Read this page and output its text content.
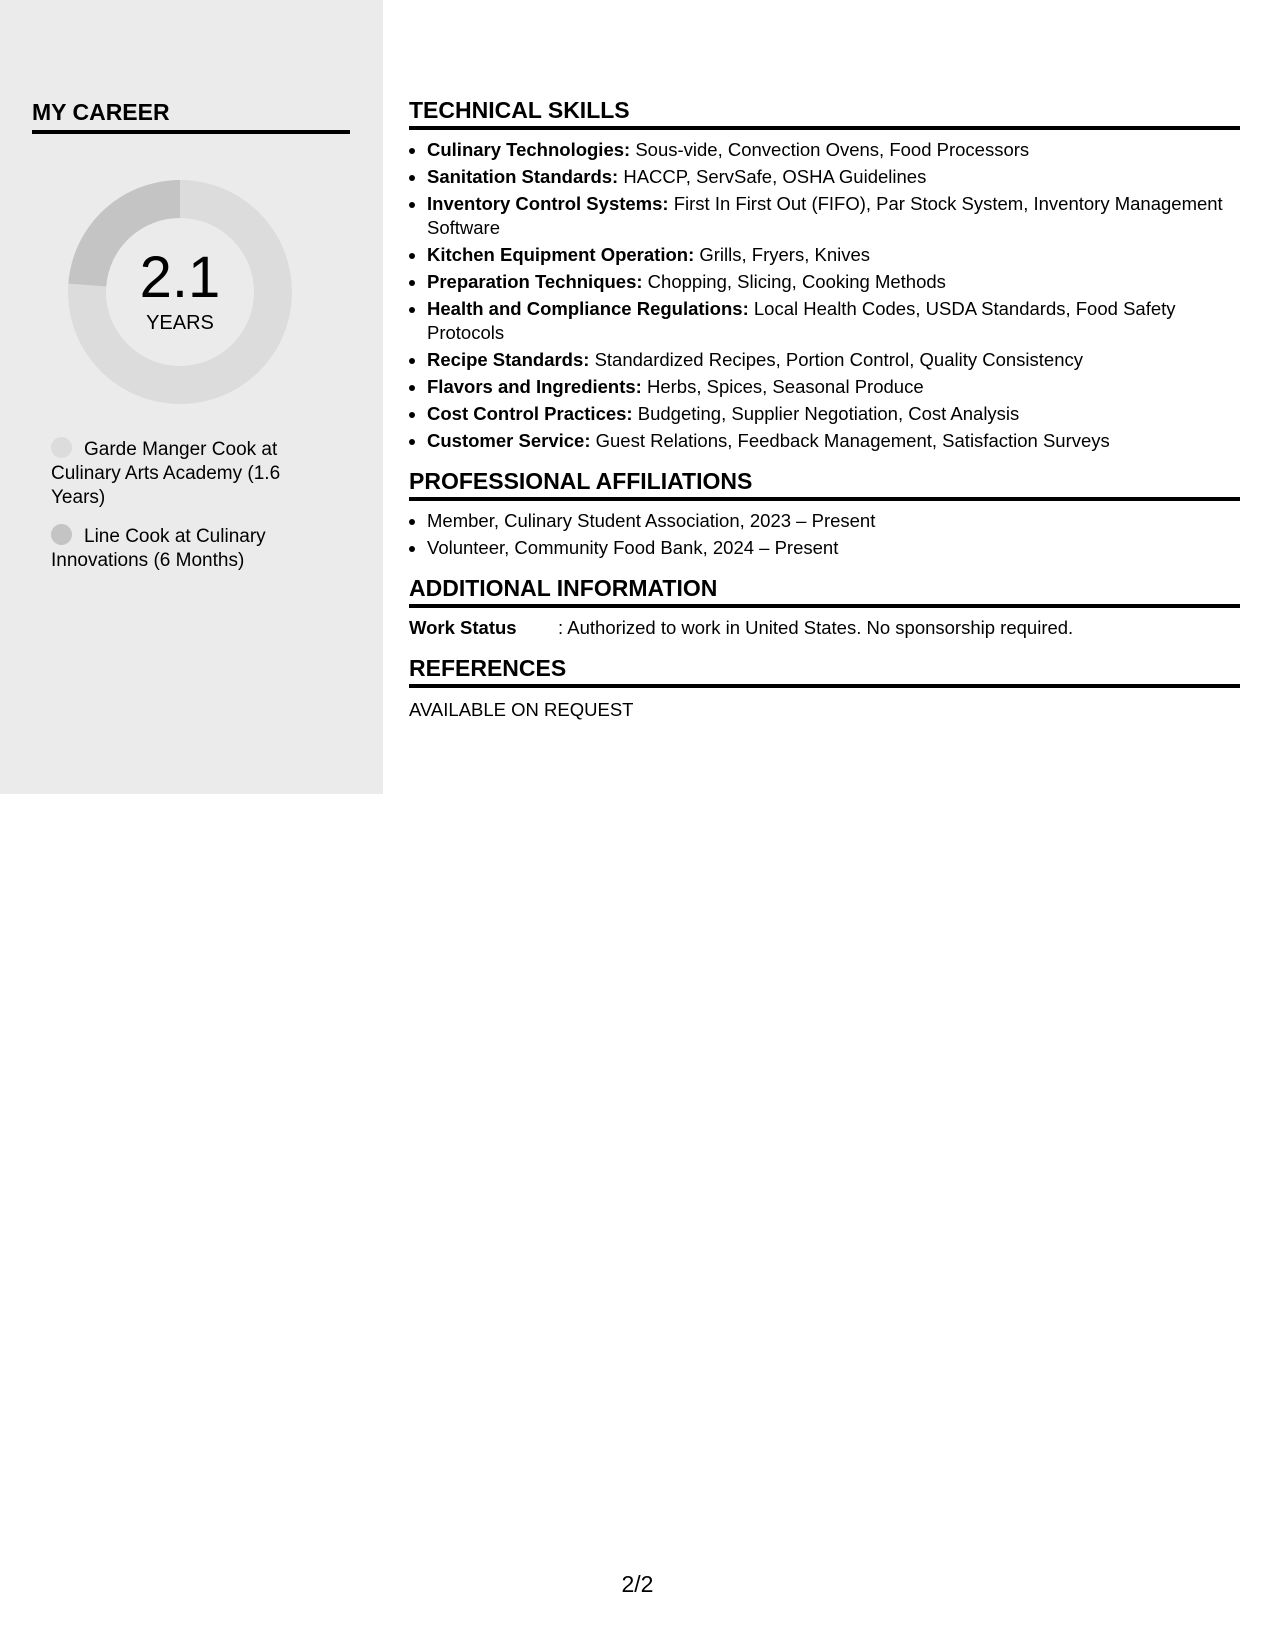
MY CAREER
2.1
YEARS
Garde Manger Cook at Culinary Arts Academy (1.6 Years)
Line Cook at Culinary Innovations (6 Months)
TECHNICAL SKILLS
• Culinary Technologies: Sous-vide, Convection Ovens, Food Processors
• Sanitation Standards: HACCP, ServSafe, OSHA Guidelines
• Inventory Control Systems: First In First Out (FIFO), Par Stock System, Inventory Management Software
• Kitchen Equipment Operation: Grills, Fryers, Knives
• Preparation Techniques: Chopping, Slicing, Cooking Methods
• Health and Compliance Regulations: Local Health Codes, USDA Standards, Food Safety Protocols
• Recipe Standards: Standardized Recipes, Portion Control, Quality Consistency
• Flavors and Ingredients: Herbs, Spices, Seasonal Produce
• Cost Control Practices: Budgeting, Supplier Negotiation, Cost Analysis
• Customer Service: Guest Relations, Feedback Management, Satisfaction Surveys
PROFESSIONAL AFFILIATIONS
• Member, Culinary Student Association, 2023 – Present
• Volunteer, Community Food Bank, 2024 – Present
ADDITIONAL INFORMATION
Work Status : Authorized to work in United States. No sponsorship required.
REFERENCES
AVAILABLE ON REQUEST
2/2
